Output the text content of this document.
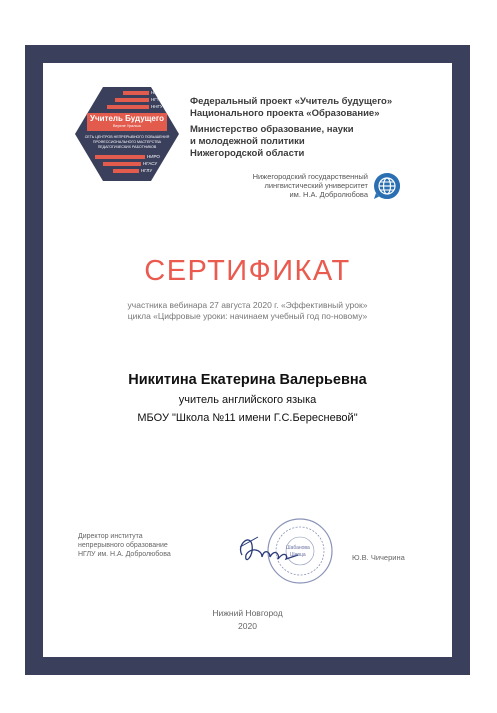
НГПУ
НГТУ
ННГУ
Учитель Будущего
Верхне Уральск
СЕТЬ ЦЕНТРОВ НЕПРЕРЫВНОГО ПОВЫШЕНИЯ
ПРОФЕССИОНАЛЬНОГО МАСТЕРСТВА
ПЕДАГОГИЧЕСКИХ РАБОТНИКОВ
НИРО
НГАСУ
НГЛУ
Федеральный проект «Учитель будущего»
Национального проекта «Образование»
Министерство образование, науки
и молодежной политики
Нижегородской области
Нижегородский государственный
лингвистический университет
им. Н.А. Добролюбова
СЕРТИФИКАТ
участника вебинара 27 августа 2020 г. «Эффективный урок»
цикла «Цифровые уроки: начинаем учебный год по-новому»
Никитина Екатерина Валерьевна
учитель английского языка
МБОУ "Школа №11 имени Г.С.Бересневой"
Директор института
непрерывного образование
НГЛУ им. Н.А. Добролюбова
Шабанова
Шевца	Ю.В. Чичерина
Нижний Новгород
2020
